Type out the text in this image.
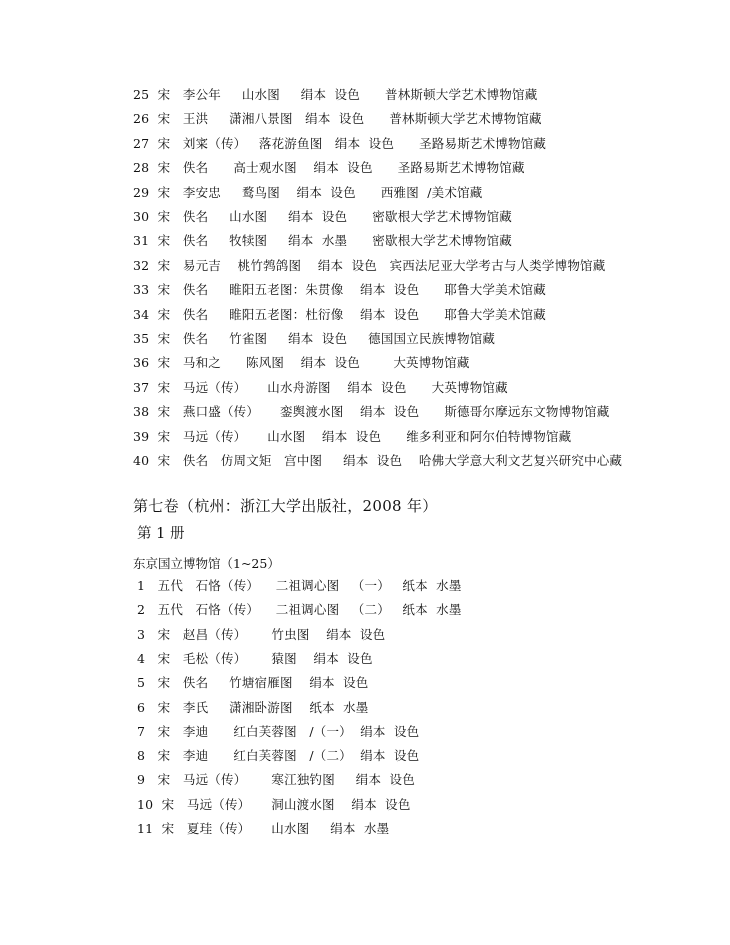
25  宋   李公年     山水图     绢本  设色      普林斯顿大学艺术博物馆藏
26  宋   王洪     潇湘八景图   绢本  设色      普林斯顿大学艺术博物馆藏
27  宋   刘寀（传）   落花游鱼图   绢本  设色      圣路易斯艺术博物馆藏
28  宋   佚名      高士观水图    绢本  设色      圣路易斯艺术博物馆藏
29  宋   李安忠     鹜鸟图    绢本  设色      西雅图  /美术馆藏
30  宋   佚名     山水图     绢本  设色      密歇根大学艺术博物馆藏
31  宋   佚名     牧犊图     绢本  水墨      密歇根大学艺术博物馆藏
32  宋   易元吉    桃竹鹁鸽图    绢本  设色   宾西法尼亚大学考古与人类学博物馆藏
33  宋   佚名     睢阳五老图：朱贯像    绢本  设色      耶鲁大学美术馆藏
34  宋   佚名     睢阳五老图：杜衍像    绢本  设色      耶鲁大学美术馆藏
35  宋   佚名     竹雀图     绢本  设色     德国国立民族博物馆藏
36  宋   马和之      陈风图    绢本  设色        大英博物馆藏
37  宋   马远（传）     山水舟游图    绢本  设色      大英博物馆藏
38  宋   燕口盛（传）     銮舆渡水图    绢本  设色      斯德哥尔摩远东文物博物馆藏
39  宋   马远（传）     山水图    绢本  设色      维多利亚和阿尔伯特博物馆藏
40  宋   佚名   仿周文矩   宫中图     绢本  设色    哈佛大学意大利文艺复兴研究中心藏
第七卷（杭州：浙江大学出版社，2008 年）
第 1 册
东京国立博物馆（1~25）
1   五代   石恪（传）    二祖调心图   （一）   纸本  水墨
2   五代   石恪（传）    二祖调心图   （二）   纸本  水墨
3   宋   赵昌（传）      竹虫图    绢本  设色
4   宋   毛松（传）      猿图    绢本  设色
5   宋   佚名     竹塘宿雁图    绢本  设色
6   宋   李氏     潇湘卧游图    纸本  水墨
7   宋   李迪      红白芙蓉图   /（一）  绢本  设色
8   宋   李迪      红白芙蓉图   /（二）  绢本  设色
9   宋   马远（传）      寒江独钓图     绢本  设色
10  宋   马远（传）     洞山渡水图    绢本  设色
11  宋   夏珪（传）     山水图     绢本  水墨
